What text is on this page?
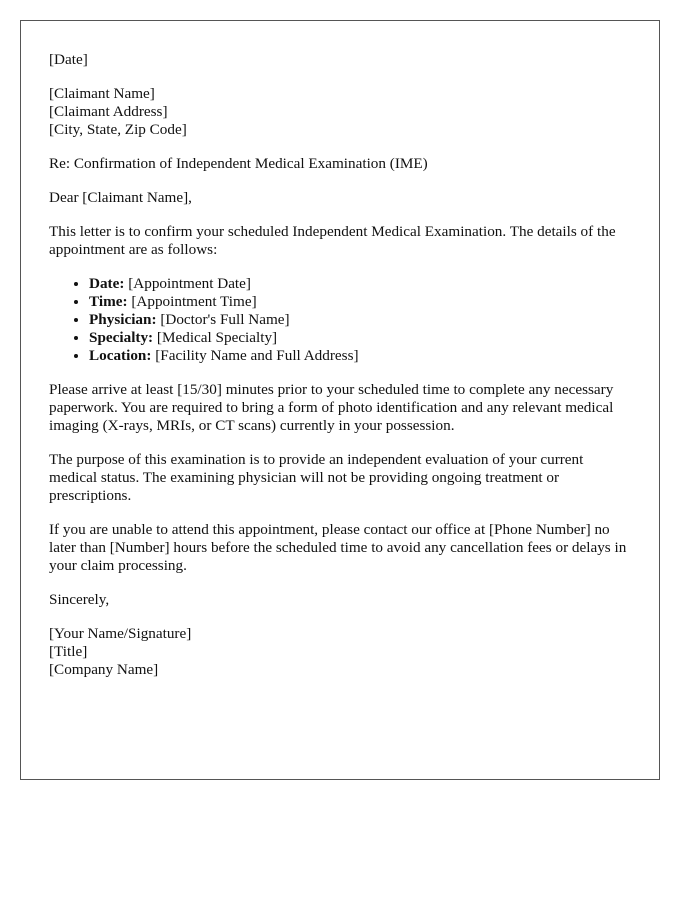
[Date]

[Claimant Name]
[Claimant Address]
[City, State, Zip Code]

Re: Confirmation of Independent Medical Examination (IME)

Dear [Claimant Name],

This letter is to confirm your scheduled Independent Medical Examination. The details of the appointment are as follows:

• Date: [Appointment Date]
• Time: [Appointment Time]
• Physician: [Doctor's Full Name]
• Specialty: [Medical Specialty]
• Location: [Facility Name and Full Address]

Please arrive at least [15/30] minutes prior to your scheduled time to complete any necessary paperwork. You are required to bring a form of photo identification and any relevant medical imaging (X-rays, MRIs, or CT scans) currently in your possession.

The purpose of this examination is to provide an independent evaluation of your current medical status. The examining physician will not be providing ongoing treatment or prescriptions.

If you are unable to attend this appointment, please contact our office at [Phone Number] no later than [Number] hours before the scheduled time to avoid any cancellation fees or delays in your claim processing.

Sincerely,

[Your Name/Signature]
[Title]
[Company Name]
